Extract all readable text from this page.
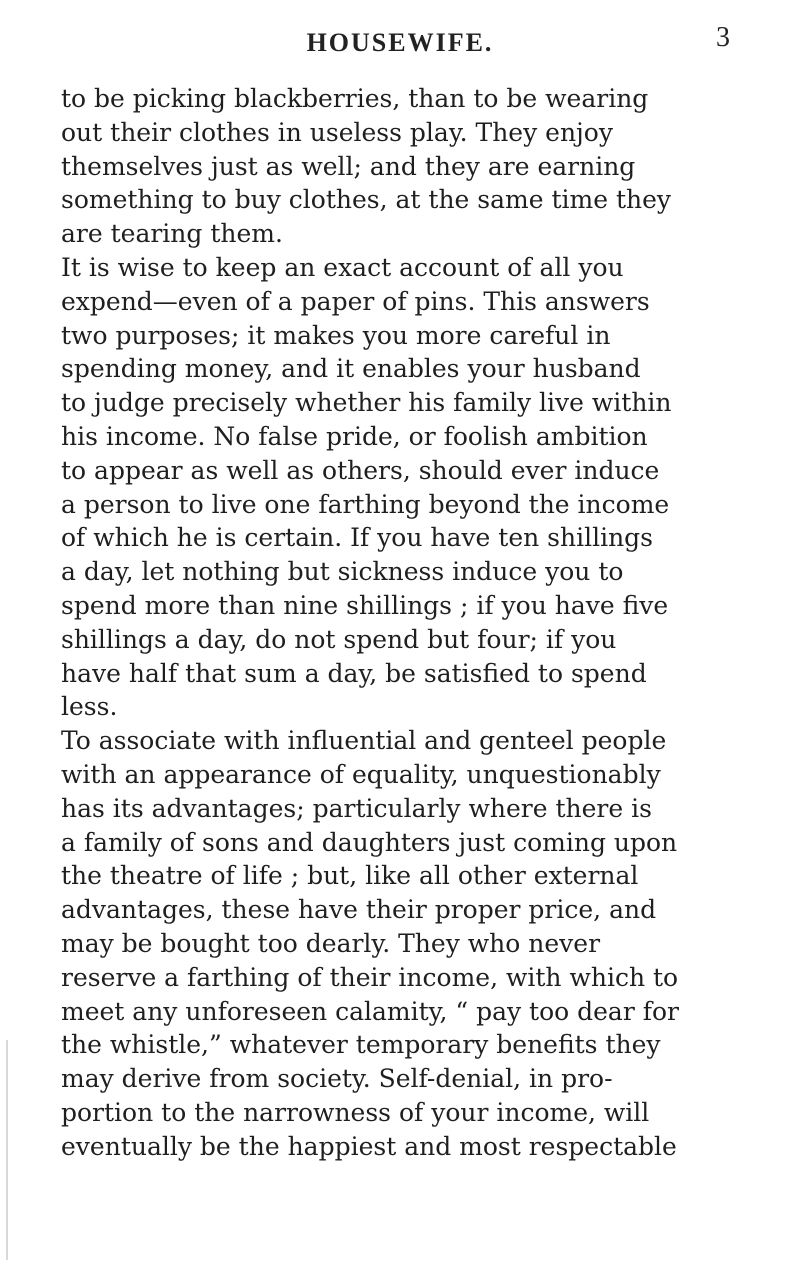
HOUSEWIFE.	3
to be picking blackberries, than to be wearing
out their clothes in useless play. They enjoy
themselves just as well; and they are earning
something to buy clothes, at the same time they
are tearing them.
It is wise to keep an exact account of all you
expend—even of a paper of pins. This answers
two purposes; it makes you more careful in
spending money, and it enables your husband
to judge precisely whether his family live within
his income. No false pride, or foolish ambition
to appear as well as others, should ever induce
a person to live one farthing beyond the income
of which he is certain. If you have ten shillings
a day, let nothing but sickness induce you to
spend more than nine shillings ; if you have five
shillings a day, do not spend but four; if you
have half that sum a day, be satisfied to spend
less.
To associate with influential and genteel people
with an appearance of equality, unquestionably
has its advantages; particularly where there is
a family of sons and daughters just coming upon
the theatre of life ; but, like all other external
advantages, these have their proper price, and
may be bought too dearly. They who never
reserve a farthing of their income, with which to
meet any unforeseen calamity, “ pay too dear for
the whistle,” whatever temporary benefits they
may derive from society. Self-denial, in pro-
portion to the narrowness of your income, will
eventually be the happiest and most respectable
